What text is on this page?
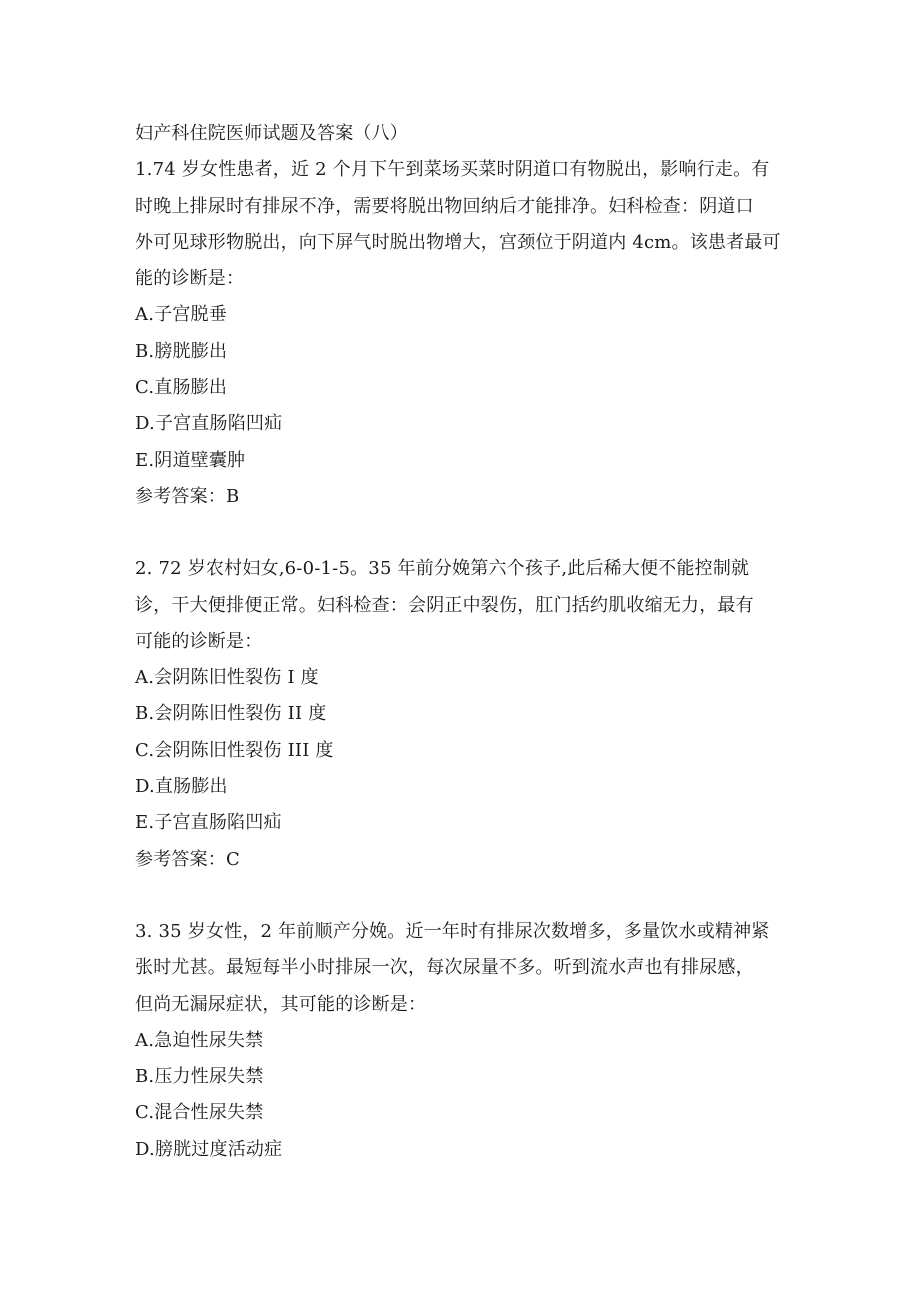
妇产科住院医师试题及答案（八）
1.74 岁女性患者，近 2 个月下午到菜场买菜时阴道口有物脱出，影响行走。有
时晚上排尿时有排尿不净，需要将脱出物回纳后才能排净。妇科检查：阴道口
外可见球形物脱出，向下屏气时脱出物增大，宫颈位于阴道内 4cm。该患者最可
能的诊断是：
A.子宫脱垂
B.膀胱膨出
C.直肠膨出
D.子宫直肠陷凹疝
E.阴道壁囊肿
参考答案：B
2. 72 岁农村妇女,6-0-1-5。35 年前分娩第六个孩子,此后稀大便不能控制就
诊，干大便排便正常。妇科检查：会阴正中裂伤，肛门括约肌收缩无力，最有
可能的诊断是：
A.会阴陈旧性裂伤 I 度
B.会阴陈旧性裂伤 II 度
C.会阴陈旧性裂伤 III 度
D.直肠膨出
E.子宫直肠陷凹疝
参考答案：C
3. 35 岁女性，2 年前顺产分娩。近一年时有排尿次数增多，多量饮水或精神紧
张时尤甚。最短每半小时排尿一次，每次尿量不多。听到流水声也有排尿感，
但尚无漏尿症状，其可能的诊断是：
A.急迫性尿失禁
B.压力性尿失禁
C.混合性尿失禁
D.膀胱过度活动症
